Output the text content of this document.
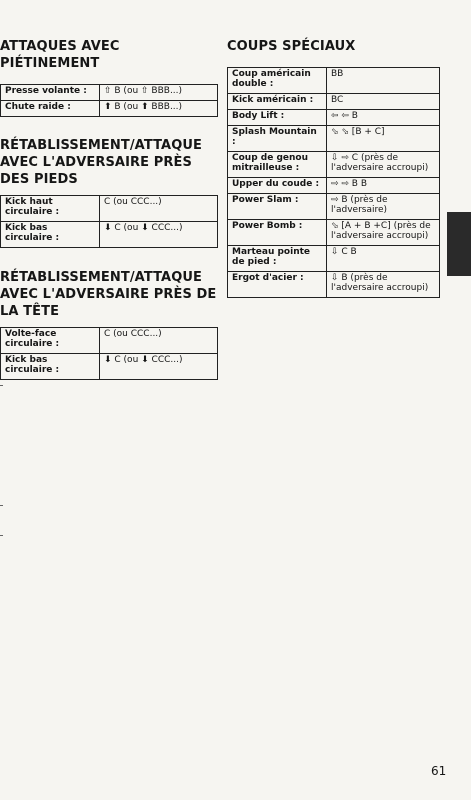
ATTAQUES AVEC PIÉTINEMENT
Presse volante :	⇧ B (ou ⇧ BBB...)
Chute raide :	⬆ B (ou ⬆ BBB...)
RÉTABLISSEMENT/ATTAQUE AVEC L'ADVERSAIRE PRÈS DES PIEDS
Kick haut circulaire :	C (ou CCC...)
Kick bas circulaire :	⬇ C (ou ⬇ CCC...)
RÉTABLISSEMENT/ATTAQUE AVEC L'ADVERSAIRE PRÈS DE LA TÊTE
Volte-face circulaire :	C (ou CCC...)
Kick bas circulaire :	⬇ C (ou ⬇ CCC...)
COUPS SPÉCIAUX
Coup américain double :	BB
Kick américain :	BC
Body Lift :	⇦ ⇦ B
Splash Mountain :	⬂ ⬂ [B + C]
Coup de genou mitrailleuse :	⇩ ⇨ C (près de l'adversaire accroupi)
Upper du coude :	⇨ ⇨ B B
Power Slam :	⇨ B (près de l'adversaire)
Power Bomb :	⬂ [A + B +C] (près de l'adversaire accroupi)
Marteau pointe de pied :	⇩ C B
Ergot d'acier :	⇩ B (près de l'adversaire accroupi)
61
